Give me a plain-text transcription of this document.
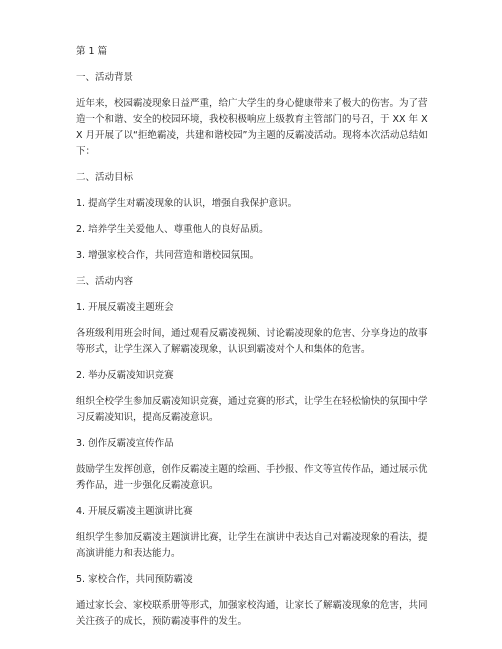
第 1 篇

一、活动背景

近年来，校园霸凌现象日益严重，给广大学生的身心健康带来了极大的伤害。为了营造一个和谐、安全的校园环境，我校积极响应上级教育主管部门的号召，于 XX 年 XX 月开展了以“拒绝霸凌，共建和谐校园”为主题的反霸凌活动。现将本次活动总结如下：

二、活动目标

1. 提高学生对霸凌现象的认识，增强自我保护意识。

2. 培养学生关爱他人、尊重他人的良好品质。

3. 增强家校合作，共同营造和谐校园氛围。

三、活动内容

1. 开展反霸凌主题班会

各班级利用班会时间，通过观看反霸凌视频、讨论霸凌现象的危害、分享身边的故事等形式，让学生深入了解霸凌现象，认识到霸凌对个人和集体的危害。

2. 举办反霸凌知识竞赛

组织全校学生参加反霸凌知识竞赛，通过竞赛的形式，让学生在轻松愉快的氛围中学习反霸凌知识，提高反霸凌意识。

3. 创作反霸凌宣传作品

鼓励学生发挥创意，创作反霸凌主题的绘画、手抄报、作文等宣传作品，通过展示优秀作品，进一步强化反霸凌意识。

4. 开展反霸凌主题演讲比赛

组织学生参加反霸凌主题演讲比赛，让学生在演讲中表达自己对霸凌现象的看法，提高演讲能力和表达能力。

5. 家校合作，共同预防霸凌

通过家长会、家校联系册等形式，加强家校沟通，让家长了解霸凌现象的危害，共同关注孩子的成长，预防霸凌事件的发生。
